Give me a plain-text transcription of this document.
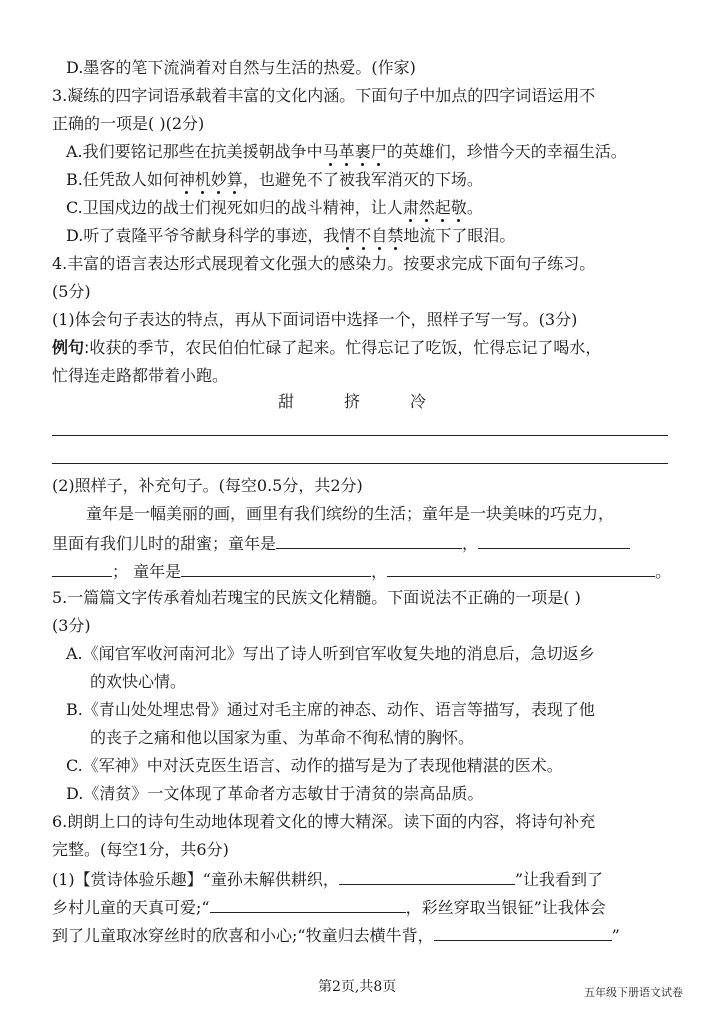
D.墨客的笔下流淌着对自然与生活的热爱。(作家)
3.凝练的四字词语承载着丰富的文化内涵。下面句子中加点的四字词语运用不
正确的一项是( )(2分)
A.我们要铭记那些在抗美援朝战争中马革裹尸的英雄们，珍惜今天的幸福生活。
B.任凭敌人如何神机妙算，也避免不了被我军消灭的下场。
C.卫国戍边的战士们视死如归的战斗精神，让人肃然起敬。
D.听了袁隆平爷爷献身科学的事迹，我情不自禁地流下了眼泪。
4.丰富的语言表达形式展现着文化强大的感染力。按要求完成下面句子练习。
(5分)
(1)体会句子表达的特点，再从下面词语中选择一个，照样子写一写。(3分)
例句:收获的季节，农民伯伯忙碌了起来。忙得忘记了吃饭，忙得忘记了喝水，
忙得连走路都带着小跑。
甜	挤	冷
(2)照样子，补充句子。(每空0.5分，共2分)
童年是一幅美丽的画，画里有我们缤纷的生活；童年是一块美味的巧克力，
里面有我们儿时的甜蜜；童年是	，
； 童年是	，	。
5.一篇篇文字传承着灿若瑰宝的民族文化精髓。下面说法不正确的一项是( )
(3分)
A.《闻官军收河南河北》写出了诗人听到官军收复失地的消息后，急切返乡
的欢快心情。
B.《青山处处埋忠骨》通过对毛主席的神态、动作、语言等描写，表现了他
的丧子之痛和他以国家为重、为革命不徇私情的胸怀。
C.《军神》中对沃克医生语言、动作的描写是为了表现他精湛的医术。
D.《清贫》一文体现了革命者方志敏甘于清贫的崇高品质。
6.朗朗上口的诗句生动地体现着文化的博大精深。读下面的内容，将诗句补充
完整。(每空1分，共6分)
(1)【赏诗体验乐趣】“童孙未解供耕织，	”让我看到了
乡村儿童的天真可爱;“	，彩丝穿取当银钲”让我体会
到了儿童取冰穿丝时的欣喜和小心;“牧童归去横牛背，	”
第2页,共8页	五年级下册语文试卷
